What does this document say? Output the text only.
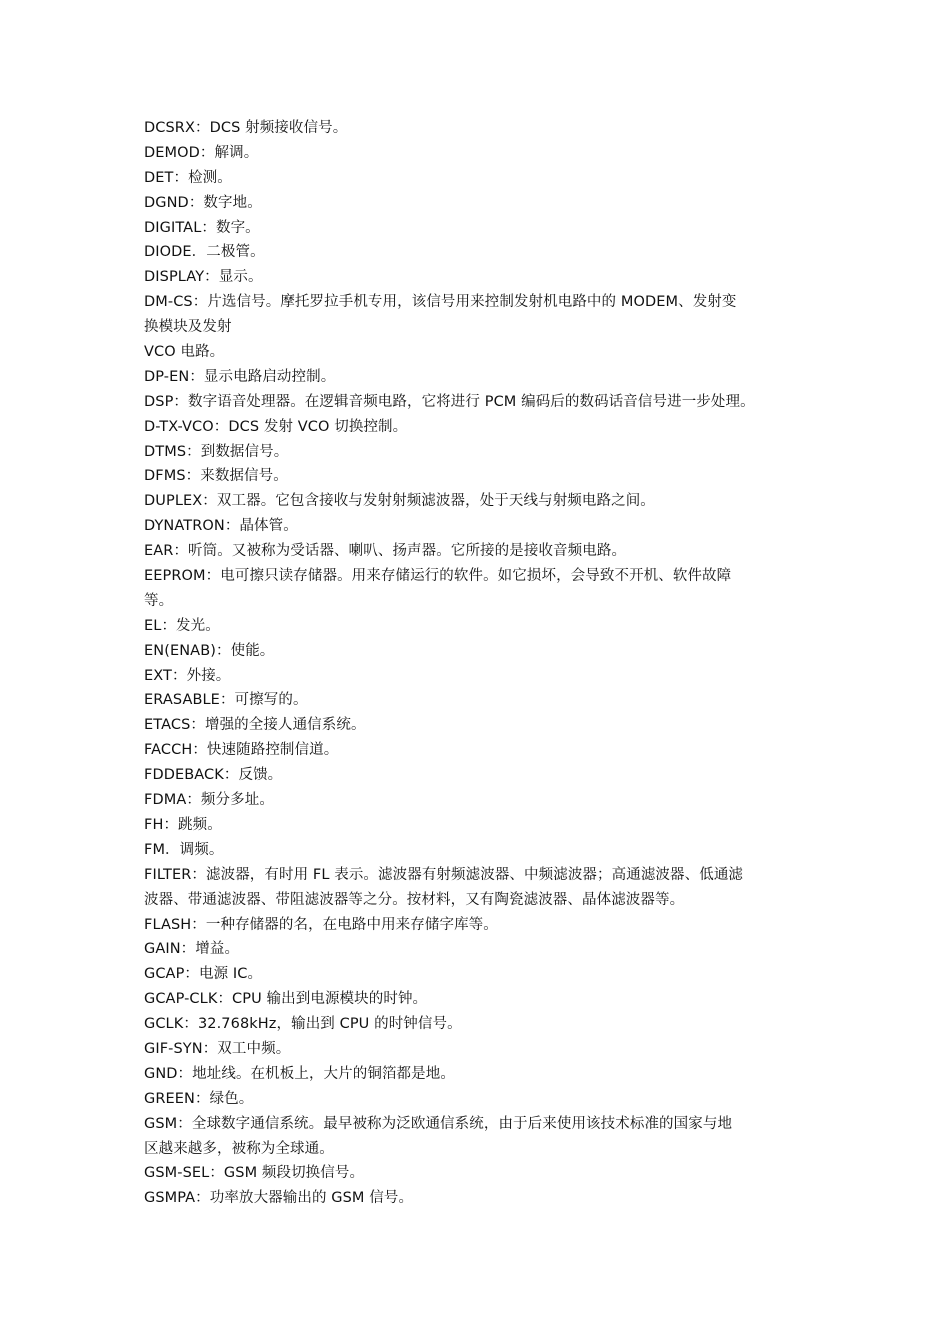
DCSRX：DCS 射频接收信号。
DEMOD：解调。
DET：检测。
DGND：数字地。
DIGITAL：数字。
DIODE．二极管。
DISPLAY：显示。
DM-CS：片选信号。摩托罗拉手机专用，该信号用来控制发射机电路中的 MODEM、发射变
换模块及发射
VCO 电路。
DP-EN：显示电路启动控制。
DSP：数字语音处理器。在逻辑音频电路，它将进行 PCM 编码后的数码话音信号进一步处理。
D-TX-VCO：DCS 发射 VCO 切换控制。
DTMS：到数据信号。
DFMS：来数据信号。
DUPLEX：双工器。它包含接收与发射射频滤波器，处于天线与射频电路之间。
DYNATRON：晶体管。
EAR：听筒。又被称为受话器、喇叭、扬声器。它所接的是接收音频电路。
EEPROM：电可擦只读存储器。用来存储运行的软件。如它损坏，会导致不开机、软件故障
等。
EL：发光。
EN(ENAB)：使能。
EXT：外接。
ERASABLE：可擦写的。
ETACS：增强的全接人通信系统。
FACCH：快速随路控制信道。
FDDEBACK：反馈。
FDMA：频分多址。
FH：跳频。
FM．调频。
FILTER：滤波器，有时用 FL 表示。滤波器有射频滤波器、中频滤波器；高通滤波器、低通滤
波器、带通滤波器、带阻滤波器等之分。按材料，又有陶瓷滤波器、晶体滤波器等。
FLASH：一种存储器的名，在电路中用来存储字库等。
GAIN：增益。
GCAP：电源 IC。
GCAP-CLK：CPU 输出到电源模块的时钟。
GCLK：32.768kHz，输出到 CPU 的时钟信号。
GIF-SYN：双工中频。
GND：地址线。在机板上，大片的铜箔都是地。
GREEN：绿色。
GSM：全球数字通信系统。最早被称为泛欧通信系统，由于后来使用该技术标准的国家与地
区越来越多，被称为全球通。
GSM-SEL：GSM 频段切换信号。
GSMPA：功率放大器输出的 GSM 信号。
